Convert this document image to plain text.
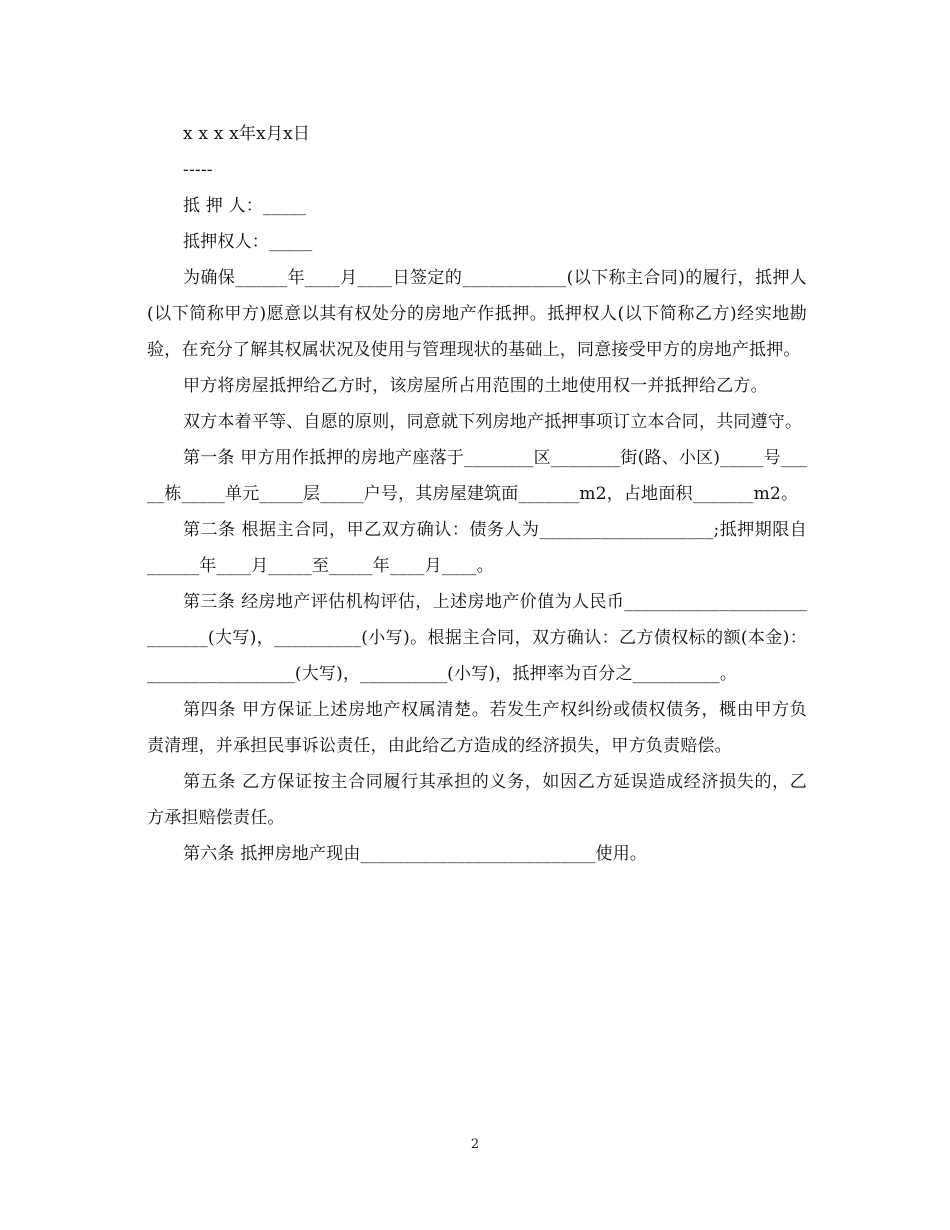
x x x x年x月x日

-----

抵 押 人：_____

抵押权人：_____

为确保______年____月____日签定的____________(以下称主合同)的履行，抵押人(以下简称甲方)愿意以其有权处分的房地产作抵押。抵押权人(以下简称乙方)经实地勘验，在充分了解其权属状况及使用与管理现状的基础上，同意接受甲方的房地产抵押。

甲方将房屋抵押给乙方时，该房屋所占用范围的土地使用权一并抵押给乙方。

双方本着平等、自愿的原则，同意就下列房地产抵押事项订立本合同，共同遵守。

第一条 甲方用作抵押的房地产座落于________区________街(路、小区)_____号_____栋_____单元_____层_____户号，其房屋建筑面_______m2，占地面积_______m2。

第二条 根据主合同，甲乙双方确认：债务人为____________________;抵押期限自______年____月_____至_____年____月____。

第三条 经房地产评估机构评估，上述房地产价值为人民币____________________________(大写)，__________(小写)。根据主合同，双方确认：乙方债权标的额(本金)：_________________(大写)，__________(小写)，抵押率为百分之__________。

第四条 甲方保证上述房地产权属清楚。若发生产权纠纷或债权债务，概由甲方负责清理，并承担民事诉讼责任，由此给乙方造成的经济损失，甲方负责赔偿。

第五条 乙方保证按主合同履行其承担的义务，如因乙方延误造成经济损失的，乙方承担赔偿责任。

第六条 抵押房地产现由___________________________使用。

2
